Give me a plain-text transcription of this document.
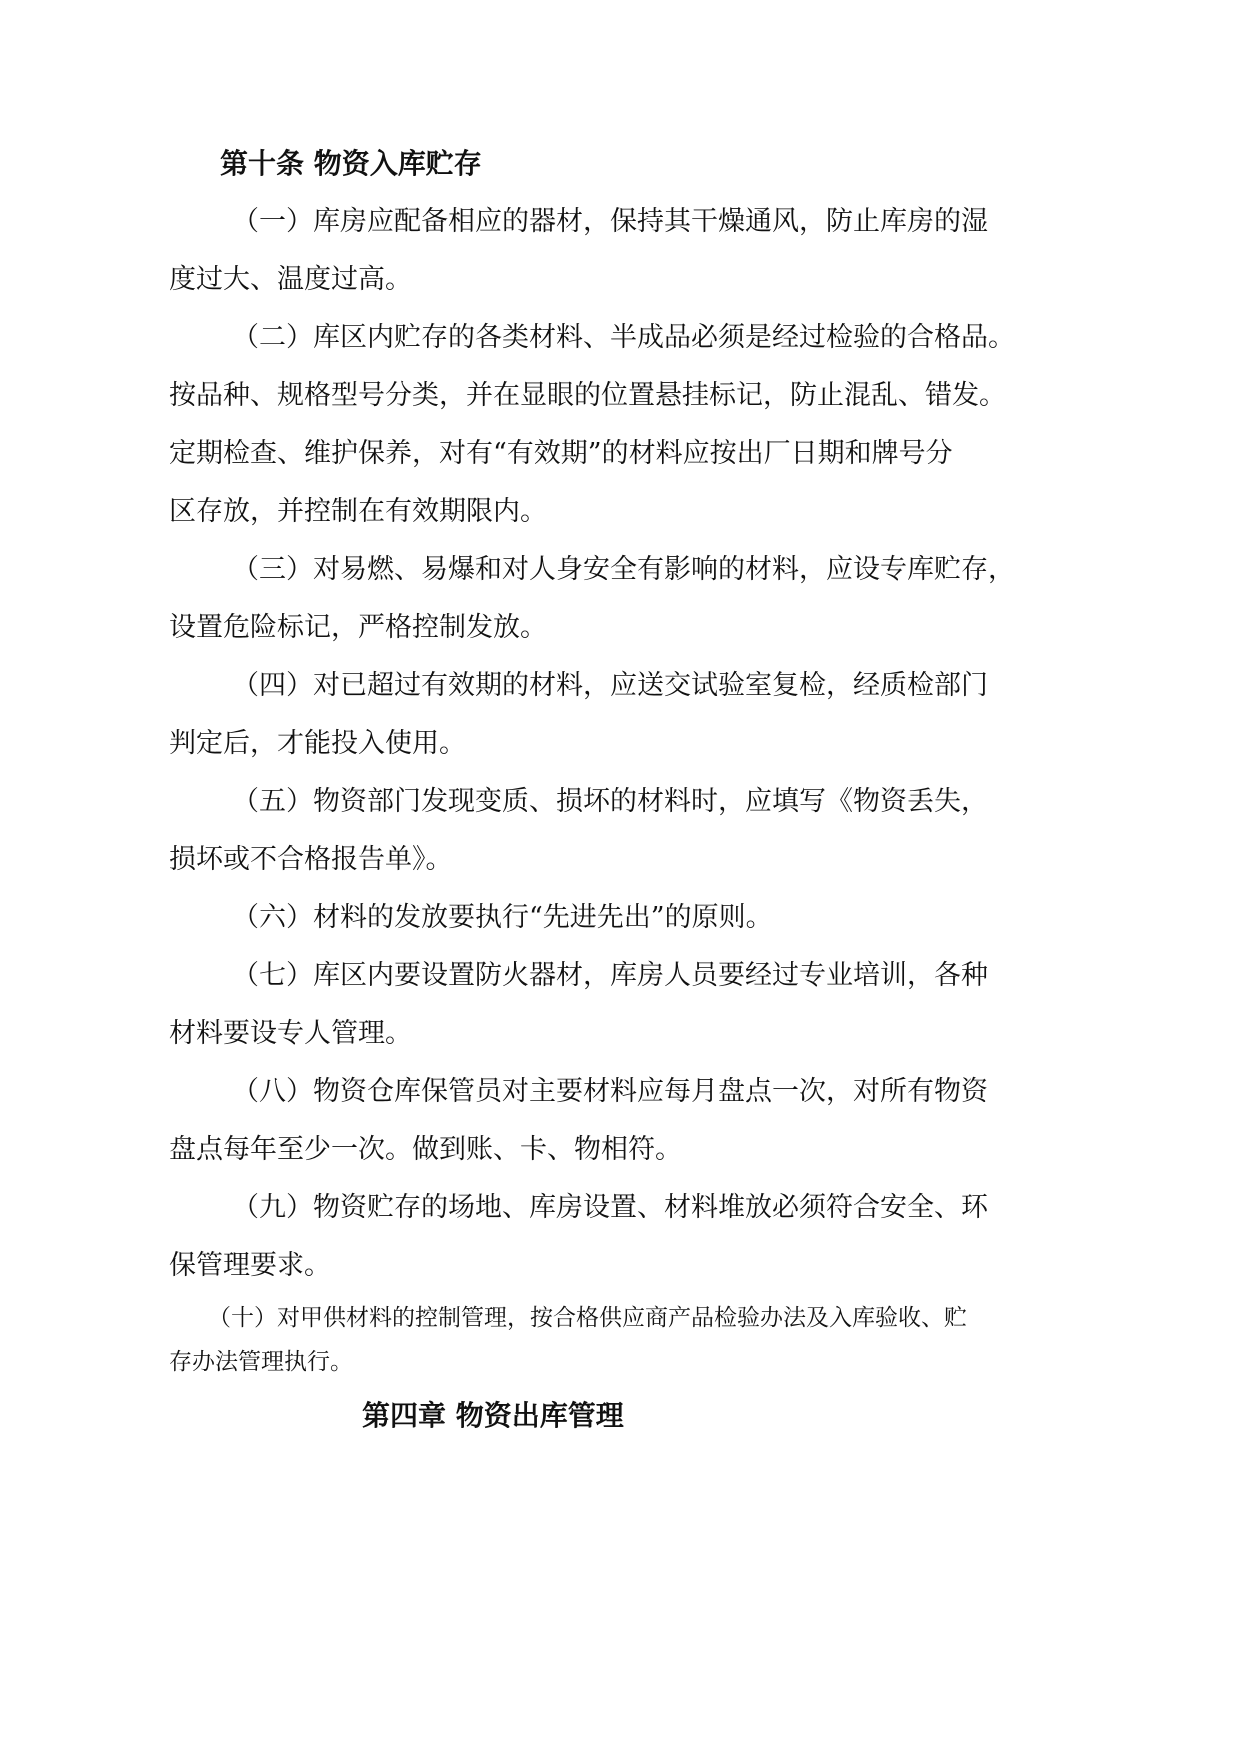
第十条 物资入库贮存
（一）库房应配备相应的器材，保持其干燥通风，防止库房的湿
度过大、温度过高。
（二）库区内贮存的各类材料、半成品必须是经过检验的合格品。
按品种、规格型号分类，并在显眼的位置悬挂标记，防止混乱、错发。
定期检查、维护保养，对有“有效期”的材料应按出厂日期和牌号分
区存放，并控制在有效期限内。
（三）对易燃、易爆和对人身安全有影响的材料，应设专库贮存，
设置危险标记，严格控制发放。
（四）对已超过有效期的材料，应送交试验室复检，经质检部门
判定后，才能投入使用。
（五）物资部门发现变质、损坏的材料时，应填写《物资丢失，
损坏或不合格报告单》。
（六）材料的发放要执行“先进先出”的原则。
（七）库区内要设置防火器材，库房人员要经过专业培训，各种
材料要设专人管理。
（八）物资仓库保管员对主要材料应每月盘点一次，对所有物资
盘点每年至少一次。做到账、卡、物相符。
（九）物资贮存的场地、库房设置、材料堆放必须符合安全、环
保管理要求。
（十）对甲供材料的控制管理，按合格供应商产品检验办法及入库验收、贮
存办法管理执行。
第四章 物资出库管理
